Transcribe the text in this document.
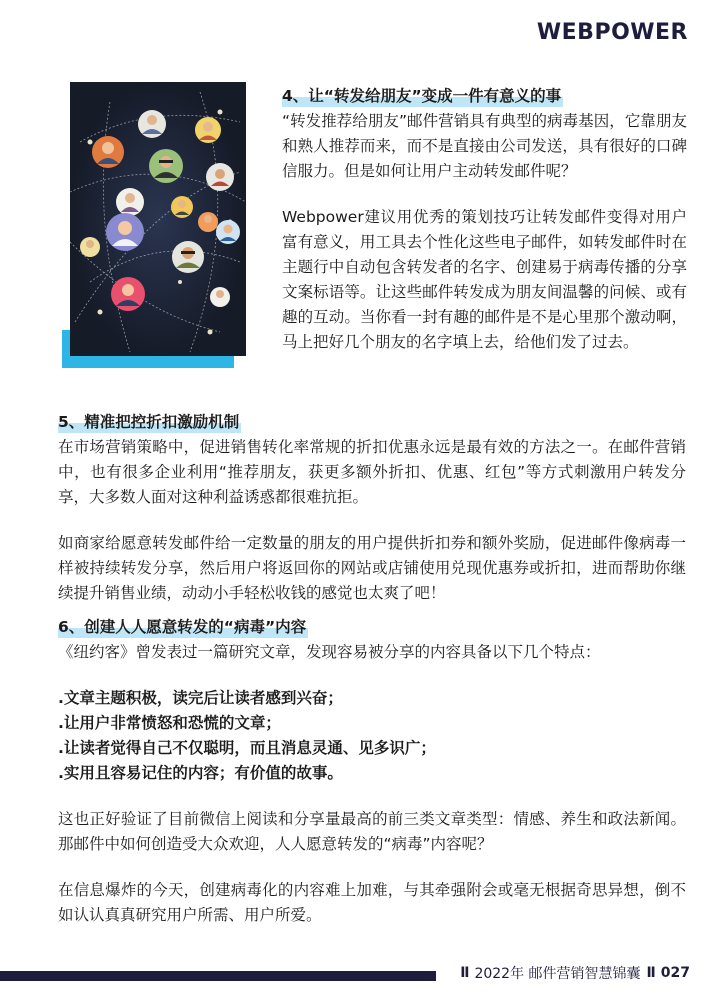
WEBPOWER
4、让“转发给朋友”变成一件有意义的事

“转发推荐给朋友”邮件营销具有典型的病毒基因，它靠朋友和熟人推荐而来，而不是直接由公司发送，具有很好的口碑信服力。但是如何让用户主动转发邮件呢？

Webpower建议用优秀的策划技巧让转发邮件变得对用户富有意义，用工具去个性化这些电子邮件，如转发邮件时在主题行中自动包含转发者的名字、创建易于病毒传播的分享文案标语等。让这些邮件转发成为朋友间温馨的问候、或有趣的互动。当你看一封有趣的邮件是不是心里那个激动啊，马上把好几个朋友的名字填上去，给他们发了过去。

5、精准把控折扣激励机制

在市场营销策略中，促进销售转化率常规的折扣优惠永远是最有效的方法之一。在邮件营销中，也有很多企业利用“推荐朋友，获更多额外折扣、优惠、红包”等方式刺激用户转发分享，大多数人面对这种利益诱惑都很难抗拒。

如商家给愿意转发邮件给一定数量的朋友的用户提供折扣券和额外奖励，促进邮件像病毒一样被持续转发分享，然后用户将返回你的网站或店铺使用兑现优惠券或折扣，进而帮助你继续提升销售业绩，动动小手轻松收钱的感觉也太爽了吧！

6、创建人人愿意转发的“病毒”内容

《纽约客》曾发表过一篇研究文章，发现容易被分享的内容具备以下几个特点：

.文章主题积极，读完后让读者感到兴奋；

.让用户非常愤怒和恐慌的文章；

.让读者觉得自己不仅聪明，而且消息灵通、见多识广；

.实用且容易记住的内容；有价值的故事。

这也正好验证了目前微信上阅读和分享量最高的前三类文章类型：情感、养生和政法新闻。那邮件中如何创造受大众欢迎，人人愿意转发的“病毒”内容呢？

在信息爆炸的今天，创建病毒化的内容难上加难，与其牵强附会或毫无根据奇思异想，倒不如认认真真研究用户所需、用户所爱。

Ⅱ 2022年 邮件营销智慧锦囊 Ⅱ 027
